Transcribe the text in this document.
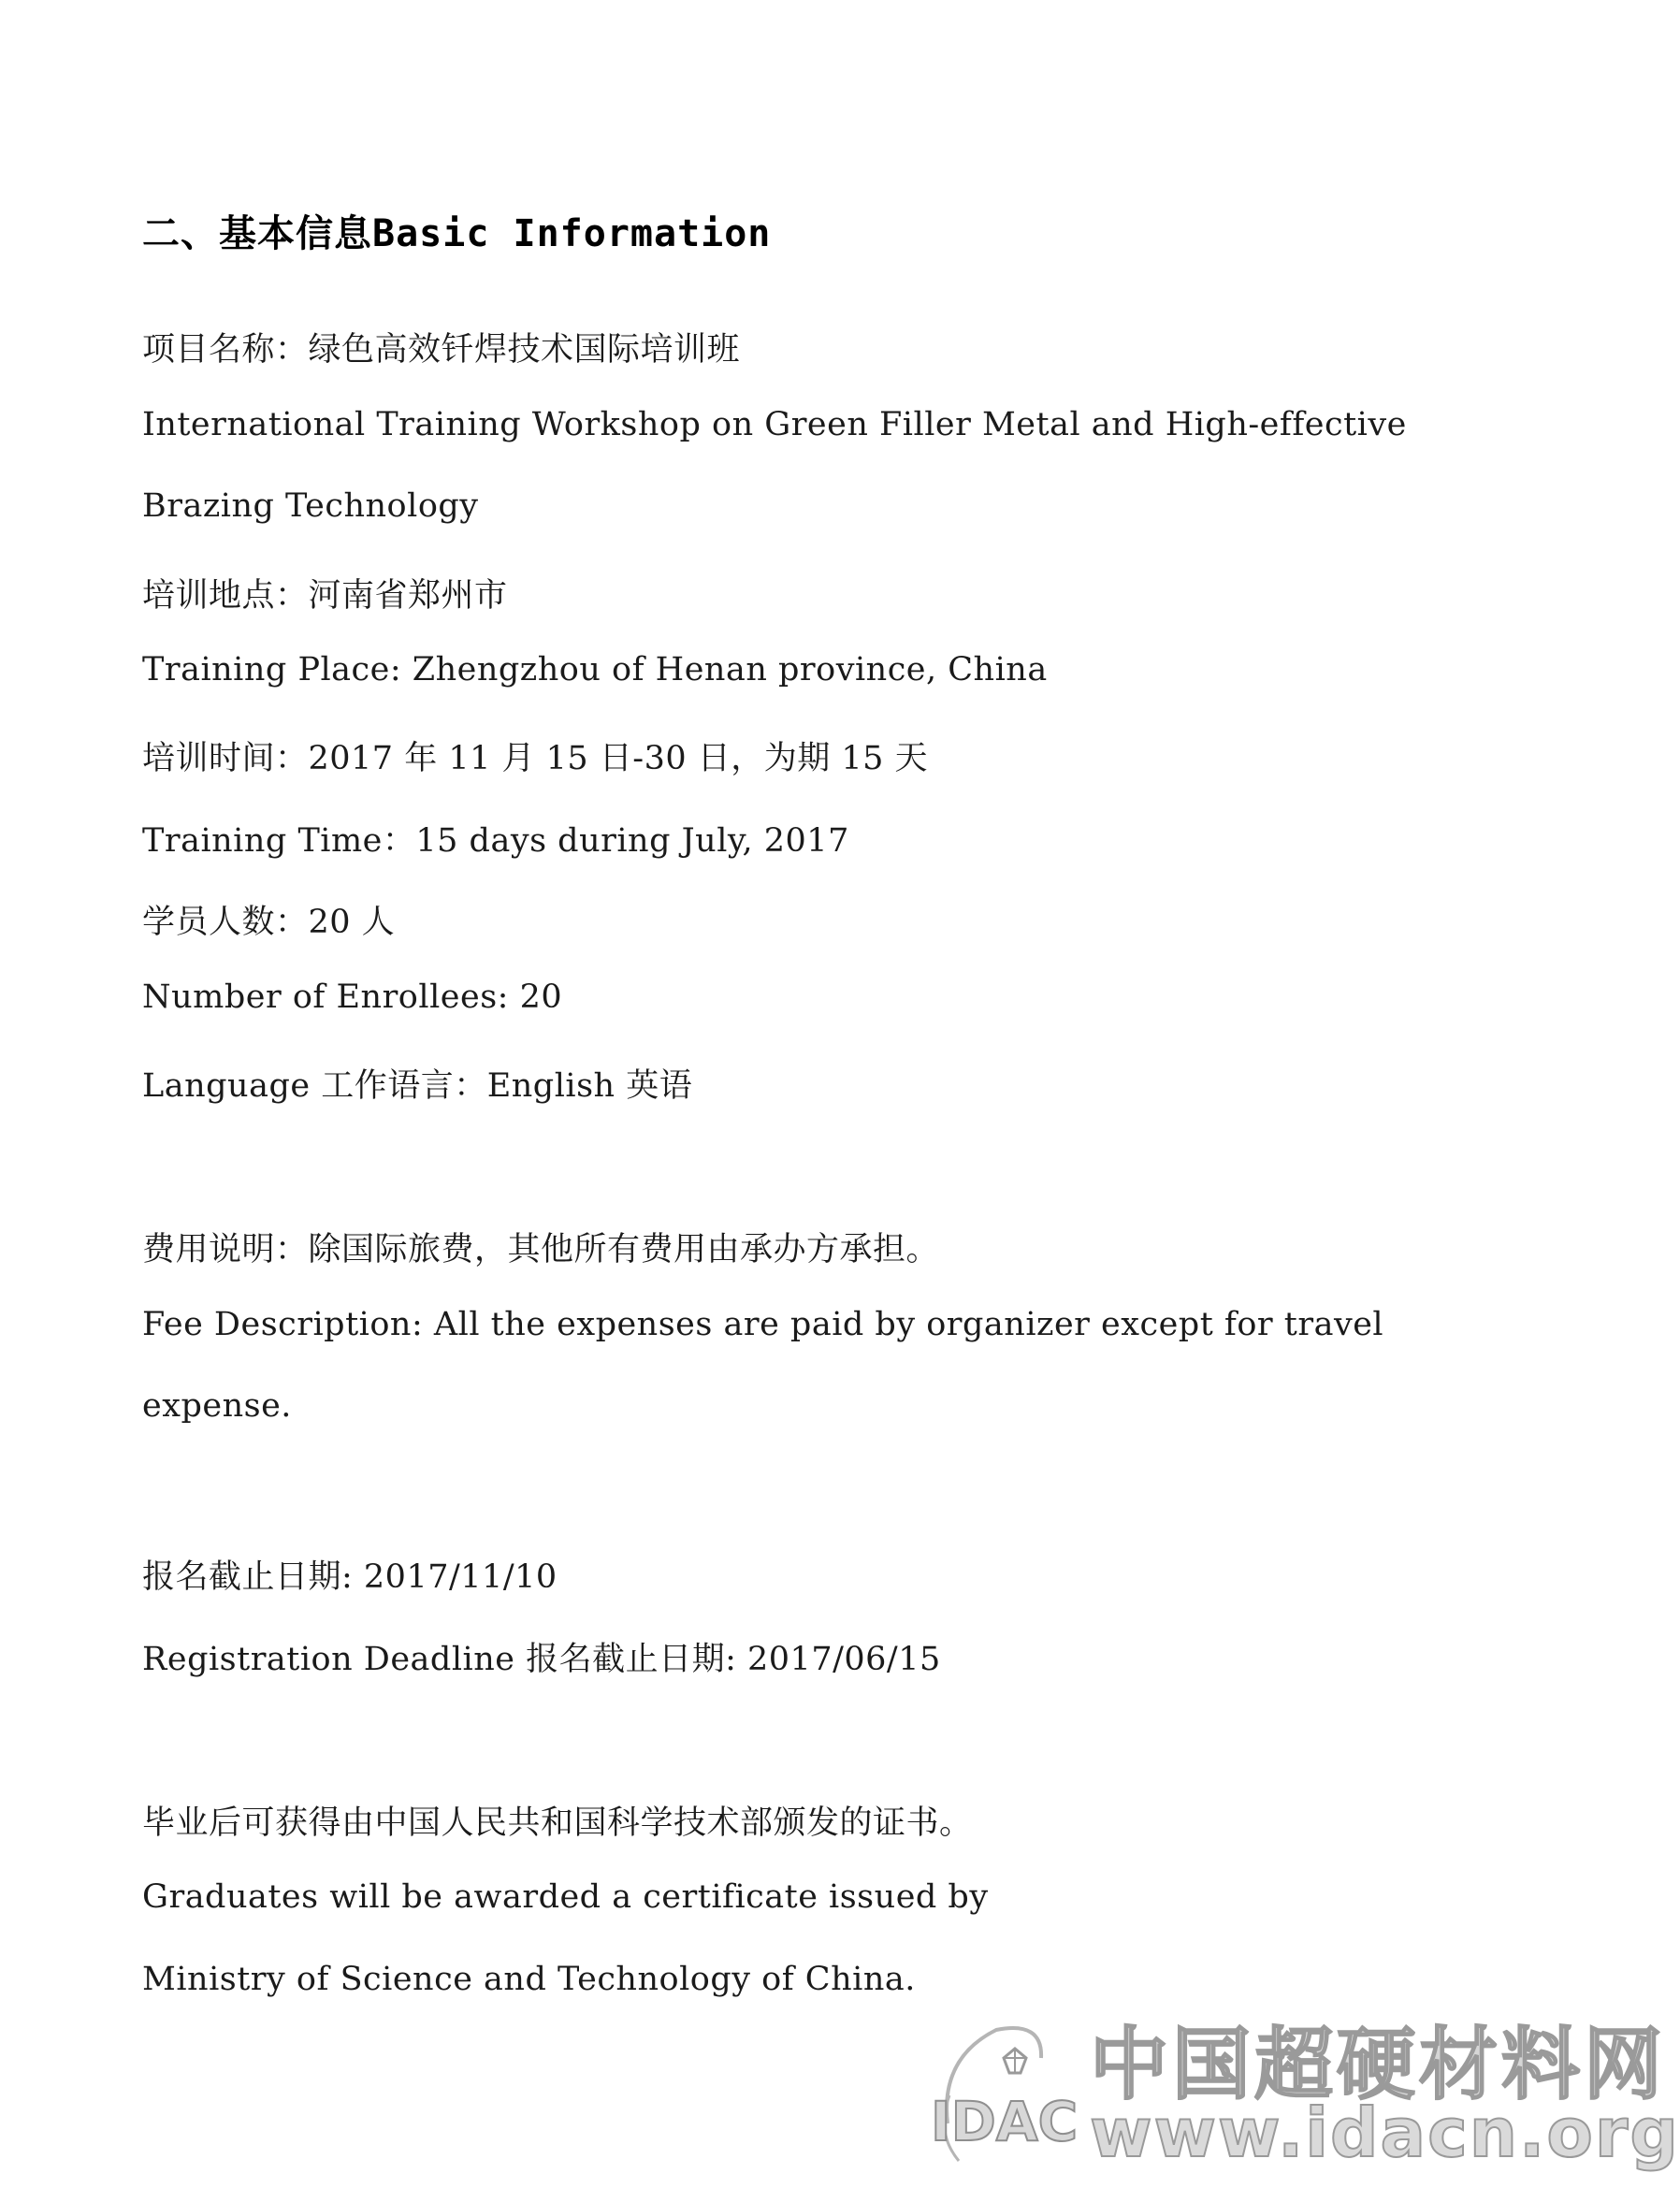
二、基本信息Basic Information
项目名称：绿色高效钎焊技术国际培训班
International Training Workshop on Green Filler Metal and High-effective
Brazing Technology
培训地点：河南省郑州市
Training Place: Zhengzhou of Henan province, China
培训时间：2017 年 11 月 15 日-30 日，为期 15 天
Training Time：15 days during July, 2017
学员人数：20 人
Number of Enrollees: 20
Language 工作语言：English 英语
费用说明：除国际旅费，其他所有费用由承办方承担。
Fee Description: All the expenses are paid by organizer except for travel
expense.
报名截止日期: 2017/11/10
Registration Deadline 报名截止日期: 2017/06/15
毕业后可获得由中国人民共和国科学技术部颁发的证书。
Graduates will be awarded a certificate issued by
Ministry of Science and Technology of China.
IDAC
中国超硬材料网
www.idacn.org
